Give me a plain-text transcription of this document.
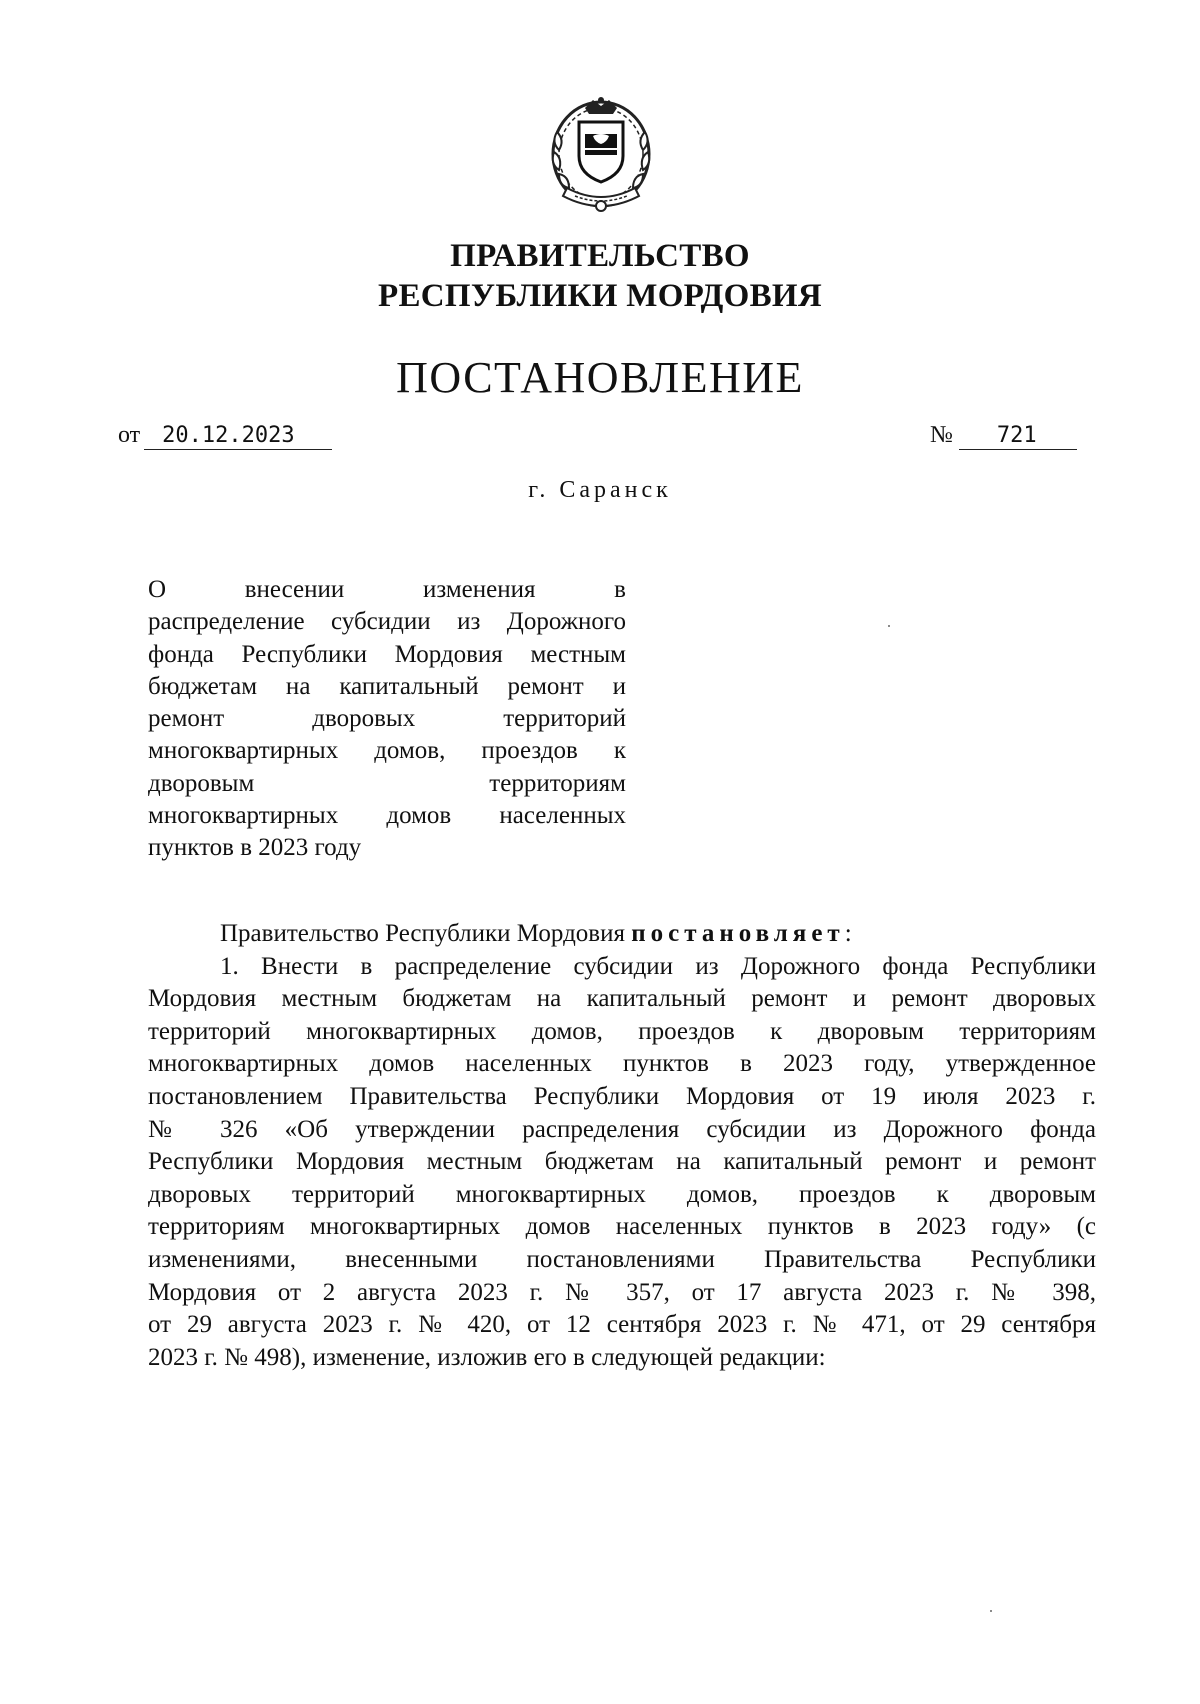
ПРАВИТЕЛЬСТВО
РЕСПУБЛИКИ МОРДОВИЯ
ПОСТАНОВЛЕНИЕ
от 20.12.2023	№ 721
г. Саранск
О внесении изменения в
распределение субсидии из Дорожного
фонда Республики Мордовия местным
бюджетам на капитальный ремонт и
ремонт дворовых территорий
многоквартирных домов, проездов к
дворовым территориям
многоквартирных домов населенных
пунктов в 2023 году
Правительство Республики Мордовия постановляет:
1. Внести в распределение субсидии из Дорожного фонда Республики
Мордовия местным бюджетам на капитальный ремонт и ремонт дворовых
территорий многоквартирных домов, проездов к дворовым территориям
многоквартирных домов населенных пунктов в 2023 году, утвержденное
постановлением Правительства Республики Мордовия от 19 июля 2023 г.
№ 326 «Об утверждении распределения субсидии из Дорожного фонда
Республики Мордовия местным бюджетам на капитальный ремонт и ремонт
дворовых территорий многоквартирных домов, проездов к дворовым
территориям многоквартирных домов населенных пунктов в 2023 году» (с
изменениями, внесенными постановлениями Правительства Республики
Мордовия от 2 августа 2023 г. № 357, от 17 августа 2023 г. № 398,
от 29 августа 2023 г. № 420, от 12 сентября 2023 г. № 471, от 29 сентября
2023 г. № 498), изменение, изложив его в следующей редакции:
